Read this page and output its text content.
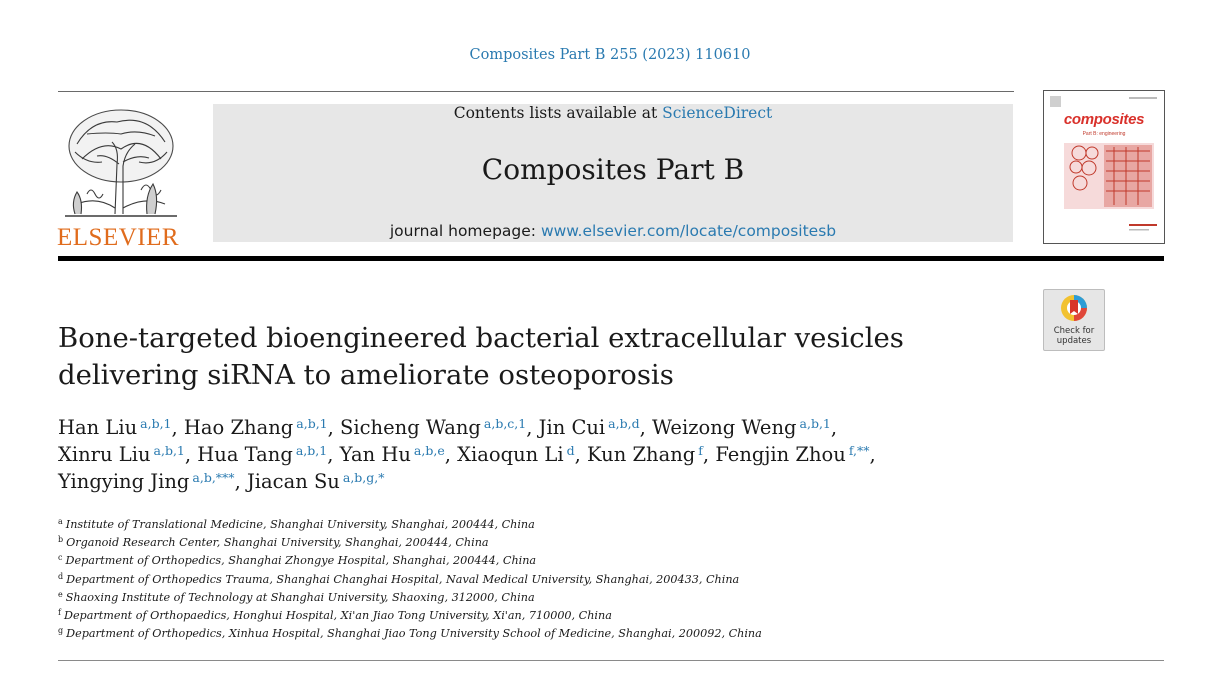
Composites Part B 255 (2023) 110610
ELSEVIER
Contents lists available at ScienceDirect
Composites Part B
journal homepage: www.elsevier.com/locate/compositesb
composites
Part B: engineering
Check for
updates
Bone-targeted bioengineered bacterial extracellular vesicles delivering siRNA to ameliorate osteoporosis
Han Liu $^{a,b,1}$, Hao Zhang $^{a,b,1}$, Sicheng Wang $^{a,b,c,1}$, Jin Cui $^{a,b,d}$, Weizong Weng $^{a,b,1}$,
Xinru Liu $^{a,b,1}$, Hua Tang $^{a,b,1}$, Yan Hu $^{a,b,e}$, Xiaoqun Li $^d$, Kun Zhang $^f$, Fengjin Zhou $^{f,**}$,
Yingying Jing $^{a,b,***}$, Jiacan Su $^{a,b,g,*}$
$^a$ Institute of Translational Medicine, Shanghai University, Shanghai, 200444, China
$^b$ Organoid Research Center, Shanghai University, Shanghai, 200444, China
$^c$ Department of Orthopedics, Shanghai Zhongye Hospital, Shanghai, 200444, China
$^d$ Department of Orthopedics Trauma, Shanghai Changhai Hospital, Naval Medical University, Shanghai, 200433, China
$^e$ Shaoxing Institute of Technology at Shanghai University, Shaoxing, 312000, China
$^f$ Department of Orthopaedics, Honghui Hospital, Xi'an Jiao Tong University, Xi'an, 710000, China
$^g$ Department of Orthopedics, Xinhua Hospital, Shanghai Jiao Tong University School of Medicine, Shanghai, 200092, China
